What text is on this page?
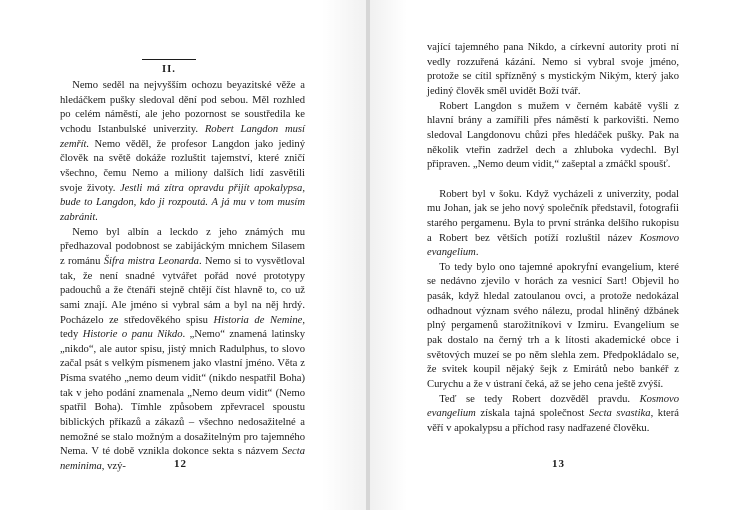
II.

Nemo seděl na nejvyšším ochozu beyazitské věže a hledáčkem pušky sledoval dění pod sebou. Měl rozhled po celém náměstí, ale jeho pozornost se soustředila ke vchodu Istanbulské univerzity. Robert Langdon musí zemřít. Nemo věděl, že profesor Langdon jako jediný člověk na světě dokáže rozluštit tajemství, které zničí všechno, čemu Nemo a miliony dalších lidí zasvětili svoje životy. Jestli má zítra opravdu přijít apokalypsa, bude to Langdon, kdo ji rozpoutá. A já mu v tom musím zabránit.

Nemo byl albín a leckdo z jeho známých mu předhazoval podobnost se zabijáckým mnichem Silasem z románu Šifra mistra Leonarda. Nemo si to vysvětloval tak, že není snadné vytvářet pořád nové prototypy padouchů a že čtenáři stejně chtějí číst hlavně to, co už sami znají. Ale jméno si vybral sám a byl na něj hrdý. Pocházelo ze středověkého spisu Historia de Nemine, tedy Historie o panu Nikdo. „Nemo“ znamená latinsky „nikdo“, ale autor spisu, jistý mnich Radulphus, to slovo začal psát s velkým písmenem jako vlastní jméno. Věta z Písma svatého „nemo deum vidit“ (nikdo nespatřil Boha) tak v jeho podání znamenala „Nemo deum vidit“ (Nemo spatřil Boha). Tímhle způsobem zpřevracel spoustu biblických příkazů a zákazů – všechno nedosažitelné a nemožné se stalo možným a dosažitelným pro tajemného Nema. V té době vznikla dokonce sekta s názvem Secta neminima, vzý-	12

vající tajemného pana Nikdo, a církevní autority proti ní vedly rozzuřená kázání. Nemo si vybral svoje jméno, protože se cítil spřízněný s mystickým Nikým, který jako jediný člověk směl uvidět Boží tvář.

Robert Langdon s mužem v černém kabátě vyšli z hlavní brány a zamířili přes náměstí k parkovišti. Nemo sledoval Langdonovu chůzi přes hledáček pušky. Pak na několik vteřin zadržel dech a zhluboka vydechl. Byl připraven. „Nemo deum vidit,“ zašeptal a zmáčkl spoušť.

Robert byl v šoku. Když vycházeli z univerzity, podal mu Johan, jak se jeho nový společník představil, fotografii starého pergamenu. Byla to první stránka delšího rukopisu a Robert bez větších potíží rozluštil název Kosmovo evangelium.

To tedy bylo ono tajemné apokryfní evangelium, které se nedávno zjevilo v horách za vesnicí Sart! Objevil ho pasák, když hledal zatoulanou ovci, a protože nedokázal odhadnout význam svého nálezu, prodal hliněný džbánek plný pergamenů starožitníkovi v Izmiru. Evangelium se pak dostalo na černý trh a k lítosti akademické obce i světových muzeí se po něm slehla zem. Předpokládalo se, že svitek koupil nějaký šejk z Emirátů nebo bankéř z Curychu a že v ústraní čeká, až se jeho cena ještě zvýší.

Teď se tedy Robert dozvěděl pravdu. Kosmovo evangelium získala tajná společnost Secta svastika, která věří v apokalypsu a příchod rasy nadřazené člověku.

13
